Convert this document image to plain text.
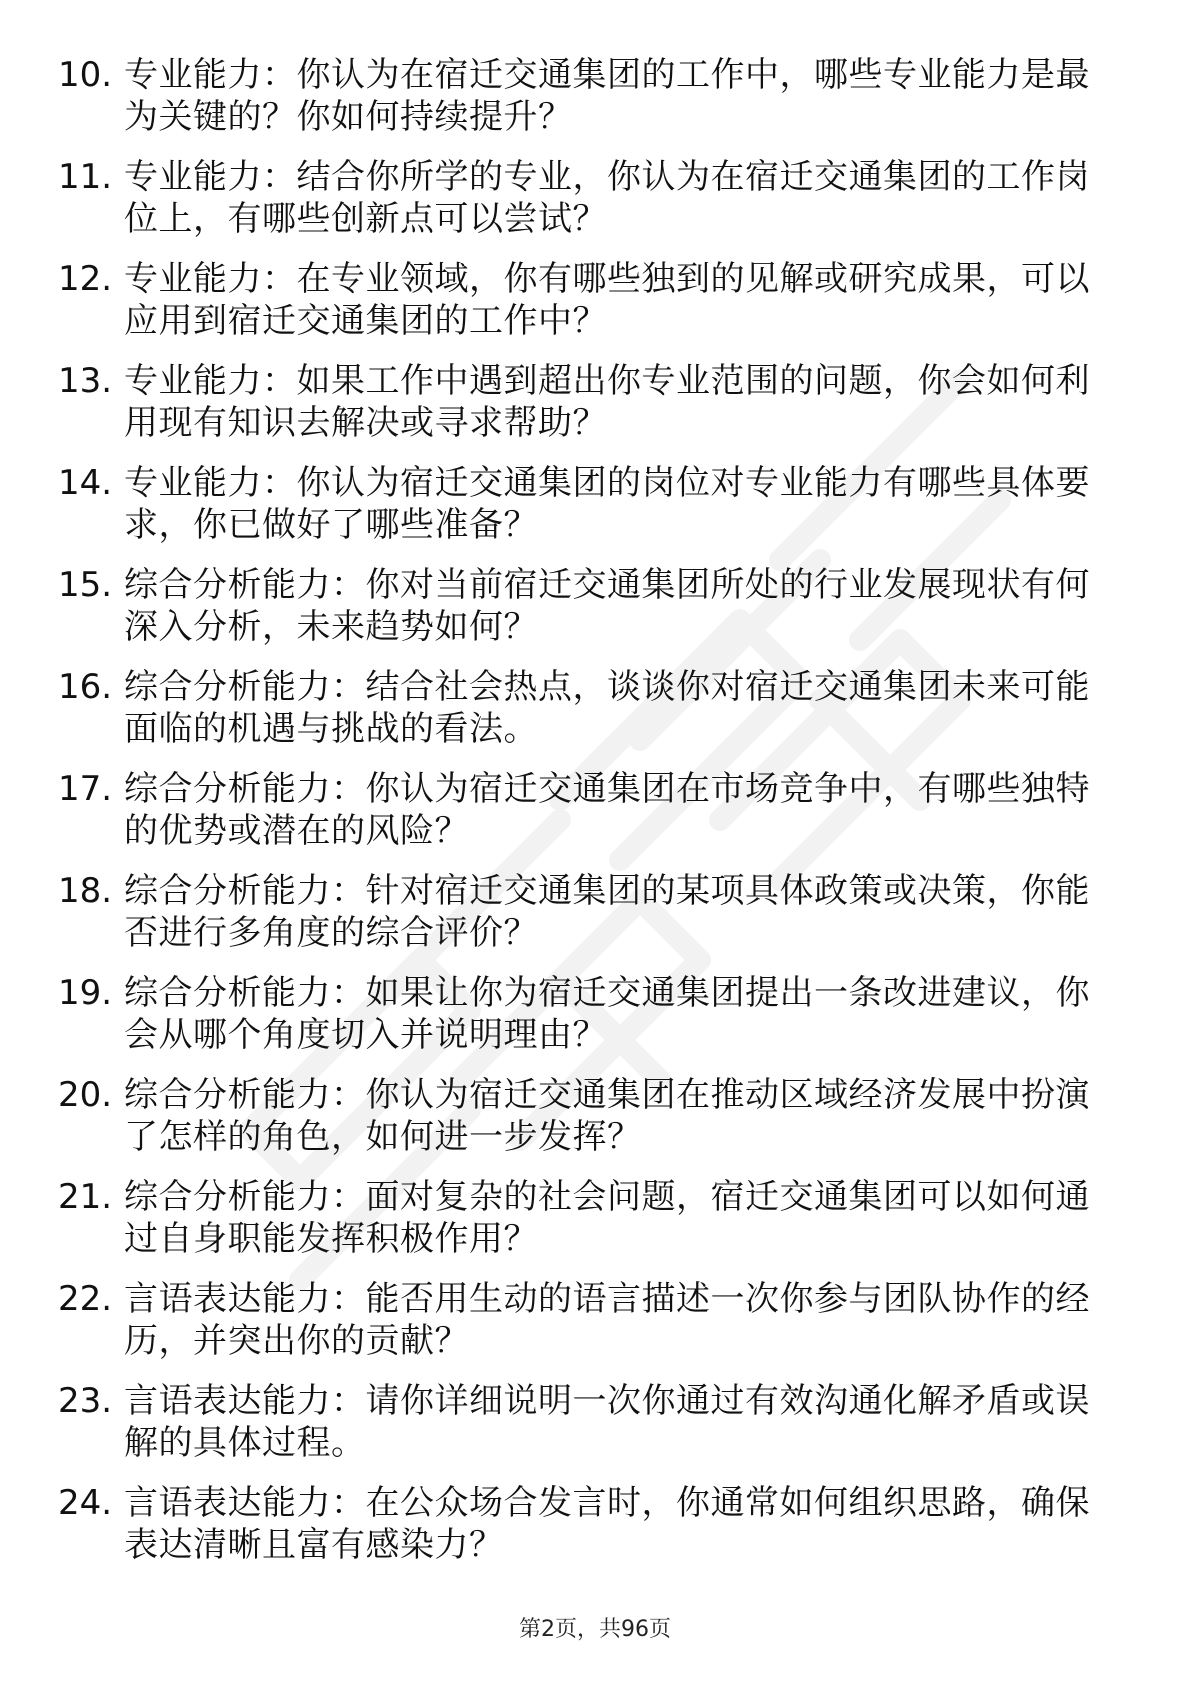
10. 专业能力：你认为在宿迁交通集团的工作中，哪些专业能力是最为关键的？你如何持续提升？
11. 专业能力：结合你所学的专业，你认为在宿迁交通集团的工作岗位上，有哪些创新点可以尝试？
12. 专业能力：在专业领域，你有哪些独到的见解或研究成果，可以应用到宿迁交通集团的工作中？
13. 专业能力：如果工作中遇到超出你专业范围的问题，你会如何利用现有知识去解决或寻求帮助？
14. 专业能力：你认为宿迁交通集团的岗位对专业能力有哪些具体要求，你已做好了哪些准备？
15. 综合分析能力：你对当前宿迁交通集团所处的行业发展现状有何深入分析，未来趋势如何？
16. 综合分析能力：结合社会热点，谈谈你对宿迁交通集团未来可能面临的机遇与挑战的看法。
17. 综合分析能力：你认为宿迁交通集团在市场竞争中，有哪些独特的优势或潜在的风险？
18. 综合分析能力：针对宿迁交通集团的某项具体政策或决策，你能否进行多角度的综合评价？
19. 综合分析能力：如果让你为宿迁交通集团提出一条改进建议，你会从哪个角度切入并说明理由？
20. 综合分析能力：你认为宿迁交通集团在推动区域经济发展中扮演了怎样的角色，如何进一步发挥？
21. 综合分析能力：面对复杂的社会问题，宿迁交通集团可以如何通过自身职能发挥积极作用？
22. 言语表达能力：能否用生动的语言描述一次你参与团队协作的经历，并突出你的贡献？
23. 言语表达能力：请你详细说明一次你通过有效沟通化解矛盾或误解的具体过程。
24. 言语表达能力：在公众场合发言时，你通常如何组织思路，确保表达清晰且富有感染力？
第2页，共96页
